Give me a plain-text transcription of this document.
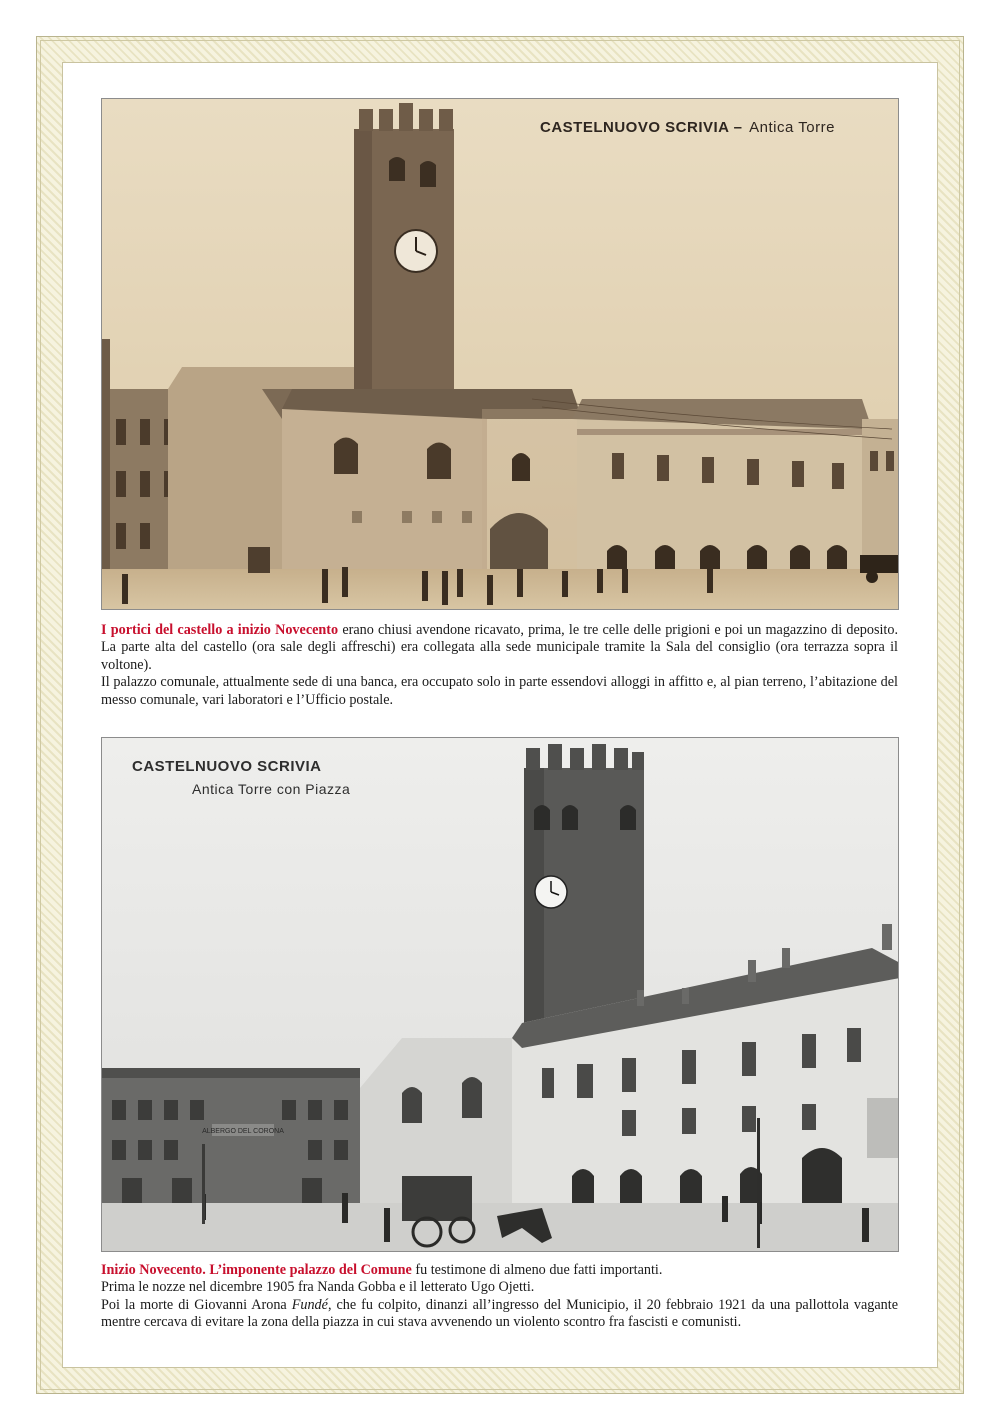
CASTELNUOVO SCRIVIA – Antica Torre

I portici del castello a inizio Novecento erano chiusi avendone ricavato, prima, le tre celle delle prigioni e poi un magazzino di deposito. La parte alta del castello (ora sale degli affreschi) era collegata alla sede municipale tramite la Sala del consiglio (ora terrazza sopra il voltone).

Il palazzo comunale, attualmente sede di una banca, era occupato solo in parte essendovi alloggi in affitto e, al pian terreno, l’abitazione del messo comunale, vari laboratori e l’Ufficio postale.

ALBERGO DEL CORONA
CASTELNUOVO SCRIVIA
Antica Torre con Piazza

Inizio Novecento. L’imponente palazzo del Comune fu testimone di almeno due fatti importanti.

Prima le nozze nel dicembre 1905 fra Nanda Gobba e il letterato Ugo Ojetti.

Poi la morte di Giovanni Arona Fundé, che fu colpito, dinanzi all’ingresso del Municipio, il 20 febbraio 1921 da una pallottola vagante mentre cercava di evitare la zona della piazza in cui stava avvenendo un violento scontro fra fascisti e comunisti.
